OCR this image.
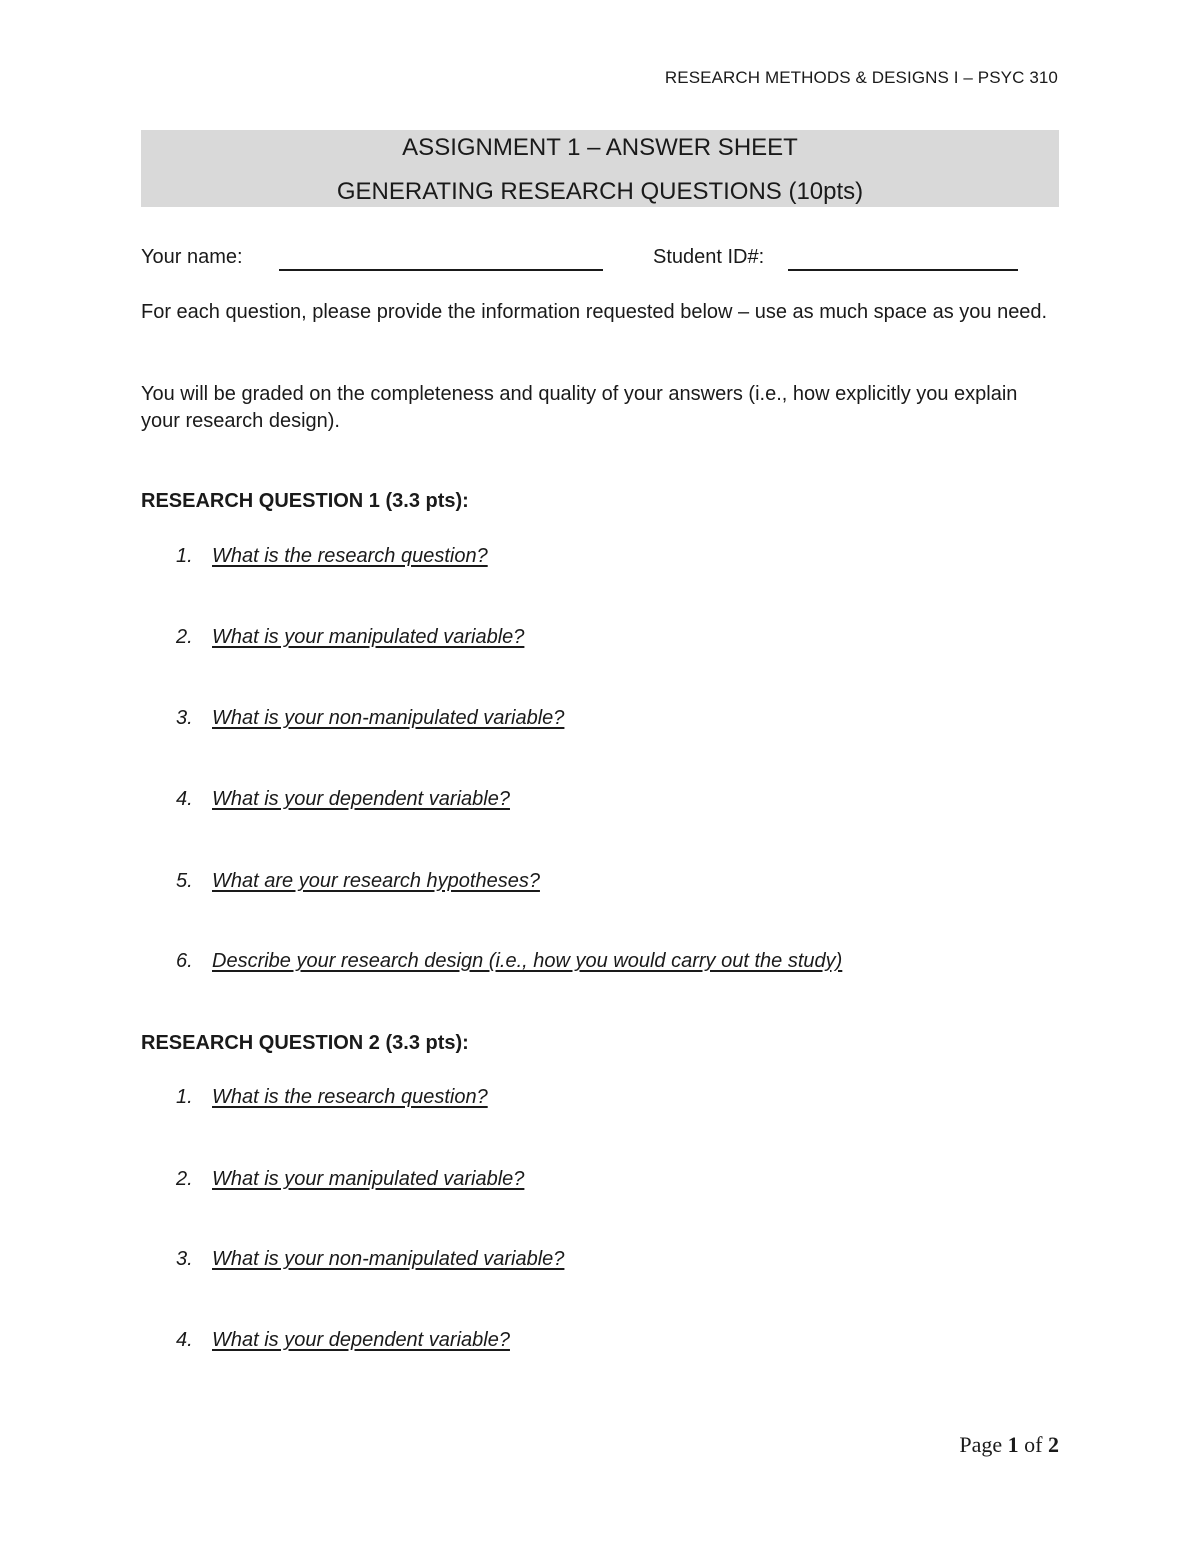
RESEARCH METHODS & DESIGNS I – PSYC 310
ASSIGNMENT 1 – ANSWER SHEET
GENERATING RESEARCH QUESTIONS (10pts)
Your name:	Student ID#:
For each question, please provide the information requested below – use as much space as you need.
You will be graded on the completeness and quality of your answers (i.e., how explicitly you explain your research design).
RESEARCH QUESTION 1 (3.3 pts):
1. What is the research question?
2. What is your manipulated variable?
3. What is your non-manipulated variable?
4. What is your dependent variable?
5. What are your research hypotheses?
6. Describe your research design (i.e., how you would carry out the study)
RESEARCH QUESTION 2 (3.3 pts):
1. What is the research question?
2. What is your manipulated variable?
3. What is your non-manipulated variable?
4. What is your dependent variable?
Page 1 of 2
